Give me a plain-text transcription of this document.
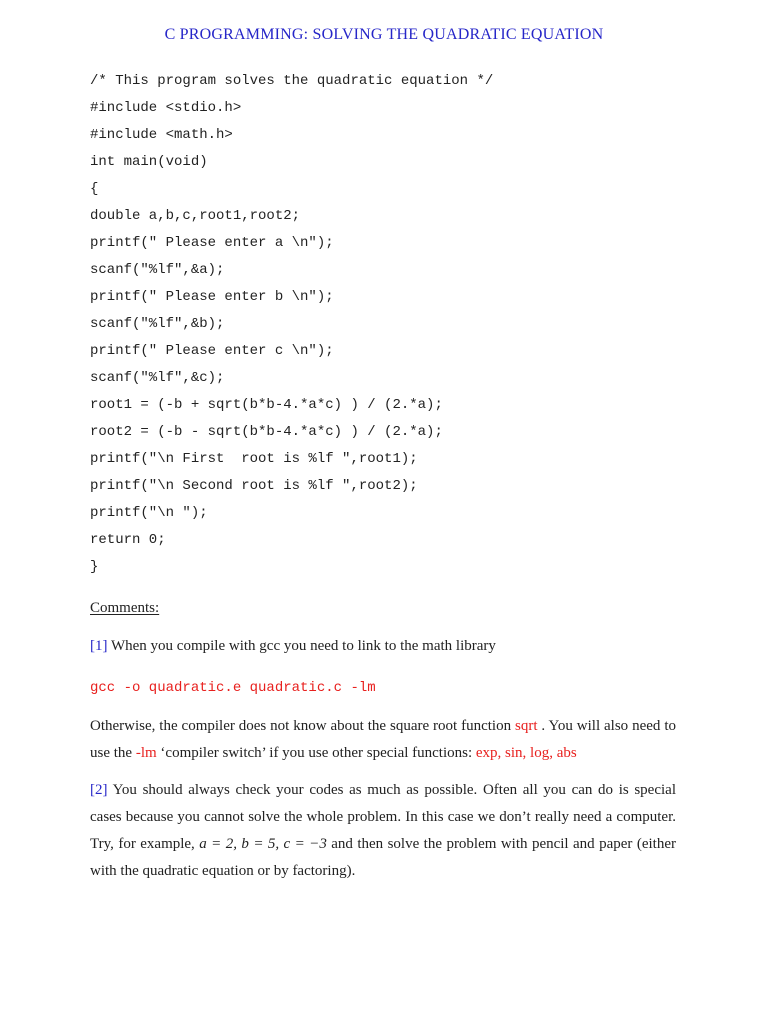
C PROGRAMMING: SOLVING THE QUADRATIC EQUATION
/* This program solves the quadratic equation */
#include <stdio.h>
#include <math.h>
int main(void)
{
double a,b,c,root1,root2;
printf(" Please enter a \n");
scanf("%lf",&a);
printf(" Please enter b \n");
scanf("%lf",&b);
printf(" Please enter c \n");
scanf("%lf",&c);
root1 = (-b + sqrt(b*b-4.*a*c) ) / (2.*a);
root2 = (-b - sqrt(b*b-4.*a*c) ) / (2.*a);
printf("\n First  root is %lf ",root1);
printf("\n Second root is %lf ",root2);
printf("\n ");
return 0;
}
Comments:
[1] When you compile with gcc you need to link to the math library
gcc -o quadratic.e quadratic.c -lm
Otherwise, the compiler does not know about the square root function sqrt . You will also need to use the -lm ‘compiler switch’ if you use other special functions: exp, sin, log, abs
[2] You should always check your codes as much as possible. Often all you can do is special cases because you cannot solve the whole problem. In this case we don’t really need a computer. Try, for example, a = 2, b = 5, c = −3 and then solve the problem with pencil and paper (either with the quadratic equation or by factoring).
